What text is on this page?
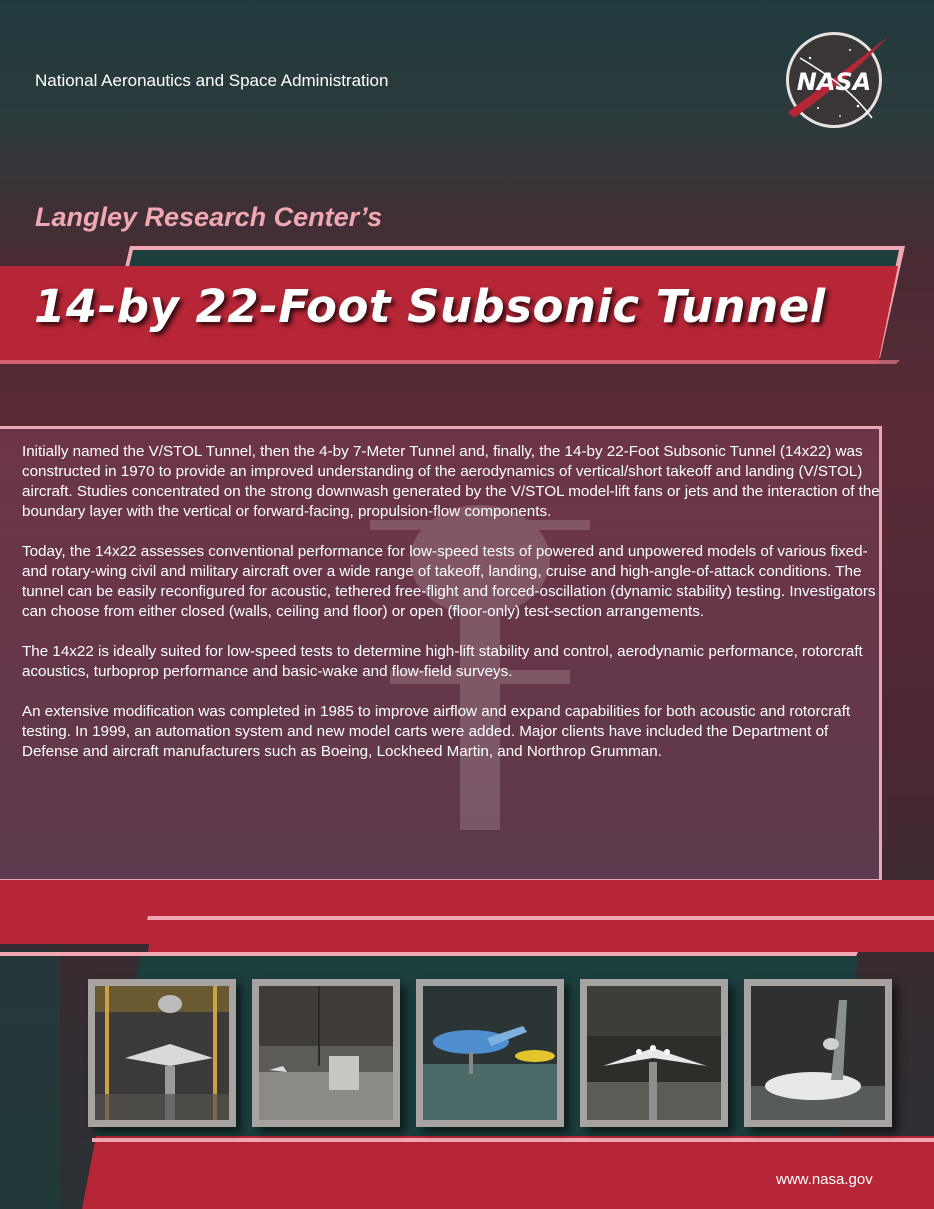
National Aeronautics and Space Administration	NASA
Langley Research Center’s
14-by 22-Foot Subsonic Tunnel

Initially named the V/STOL Tunnel, then the 4-by 7-Meter Tunnel and, finally, the 14-by 22-Foot Subsonic Tunnel (14x22) was constructed in 1970 to provide an improved understanding of the aerodynamics of vertical/short takeoff and landing (V/STOL) aircraft. Studies concentrated on the strong downwash generated by the V/STOL model-lift fans or jets and the interaction of the boundary layer with the vertical or forward-facing, propulsion-flow components.

Today, the 14x22 assesses conventional performance for low-speed tests of powered and unpowered models of various fixed- and rotary-wing civil and military aircraft over a wide range of takeoff, landing, cruise and high-angle-of-attack conditions. The tunnel can be easily reconfigured for acoustic, tethered free-flight and forced-oscillation (dynamic stability) testing. Investigators can choose from either closed (walls, ceiling and floor) or open (floor-only) test-section arrangements.

The 14x22 is ideally suited for low-speed tests to determine high-lift stability and control, aerodynamic performance, rotorcraft acoustics, turboprop performance and basic-wake and flow-field surveys.

An extensive modification was completed in 1985 to improve airflow and expand capabilities for both acoustic and rotorcraft testing. In 1999, an automation system and new model carts were added. Major clients have included the Department of Defense and aircraft manufacturers such as Boeing, Lockheed Martin, and Northrop Grumman.

www.nasa.gov
